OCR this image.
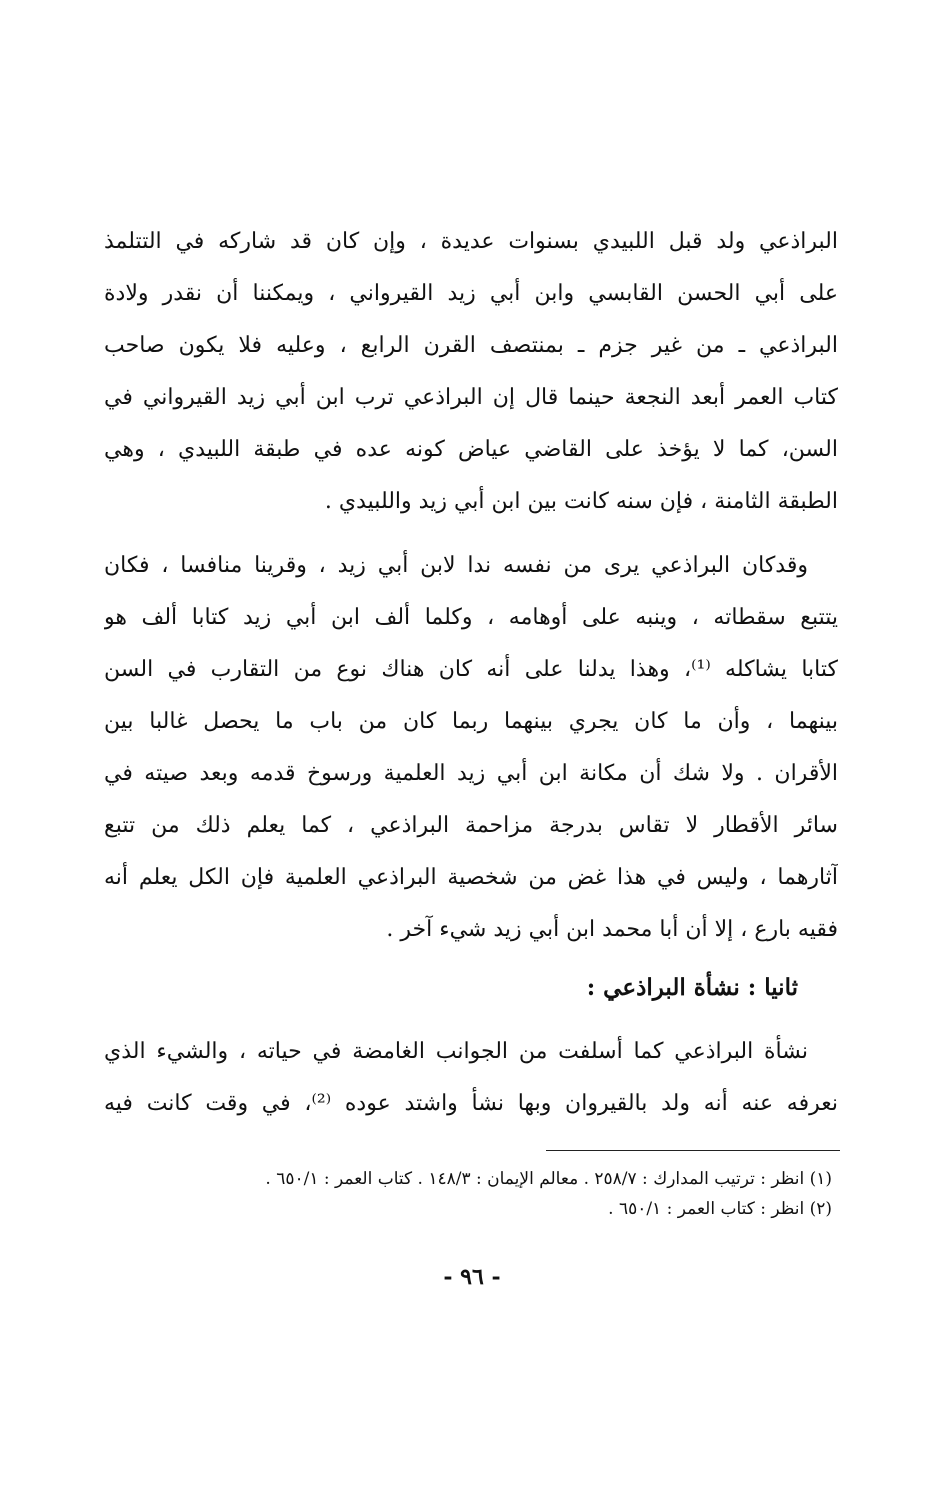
البراذعي ولد قبل اللبيدي بسنوات عديدة ، وإن كان قد شاركه في التتلمذ
على أبي الحسن القابسي وابن أبي زيد القيرواني ، ويمكننا أن نقدر ولادة
البراذعي ـ من غير جزم ـ بمنتصف القرن الرابع ، وعليه فلا يكون صاحب
كتاب العمر أبعد النجعة حينما قال إن البراذعي ترب ابن أبي زيد القيرواني في
السن، كما لا يؤخذ على القاضي عياض كونه عده في طبقة اللبيدي ، وهي
الطبقة الثامنة ، فإن سنه كانت بين ابن أبي زيد واللبيدي .
وقدكان البراذعي يرى من نفسه ندا لابن أبي زيد ، وقرينا منافسا ، فكان
يتتبع سقطاته ، وينبه على أوهامه ، وكلما ألف ابن أبي زيد كتابا ألف هو
كتابا يشاكله ⁽¹⁾، وهذا يدلنا على أنه كان هناك نوع من التقارب في السن
بينهما ، وأن ما كان يجري بينهما ربما كان من باب ما يحصل غالبا بين
الأقران . ولا شك أن مكانة ابن أبي زيد العلمية ورسوخ قدمه وبعد صيته في
سائر الأقطار لا تقاس بدرجة مزاحمة البراذعي ، كما يعلم ذلك من تتبع
آثارهما ، وليس في هذا غض من شخصية البراذعي العلمية فإن الكل يعلم أنه
فقيه بارع ، إلا أن أبا محمد ابن أبي زيد شيء آخر .
ثانيا : نشأة البراذعي :
نشأة البراذعي كما أسلفت من الجوانب الغامضة في حياته ، والشيء الذي
نعرفه عنه أنه ولد بالقيروان وبها نشأ واشتد عوده ⁽²⁾، في وقت كانت فيه
(١) انظر : ترتيب المدارك : ٢٥٨/٧ . معالم الإيمان : ١٤٨/٣ . كتاب العمر : ٦٥٠/١ .
(٢) انظر : كتاب العمر : ٦٥٠/١ .
- ٩٦ -
